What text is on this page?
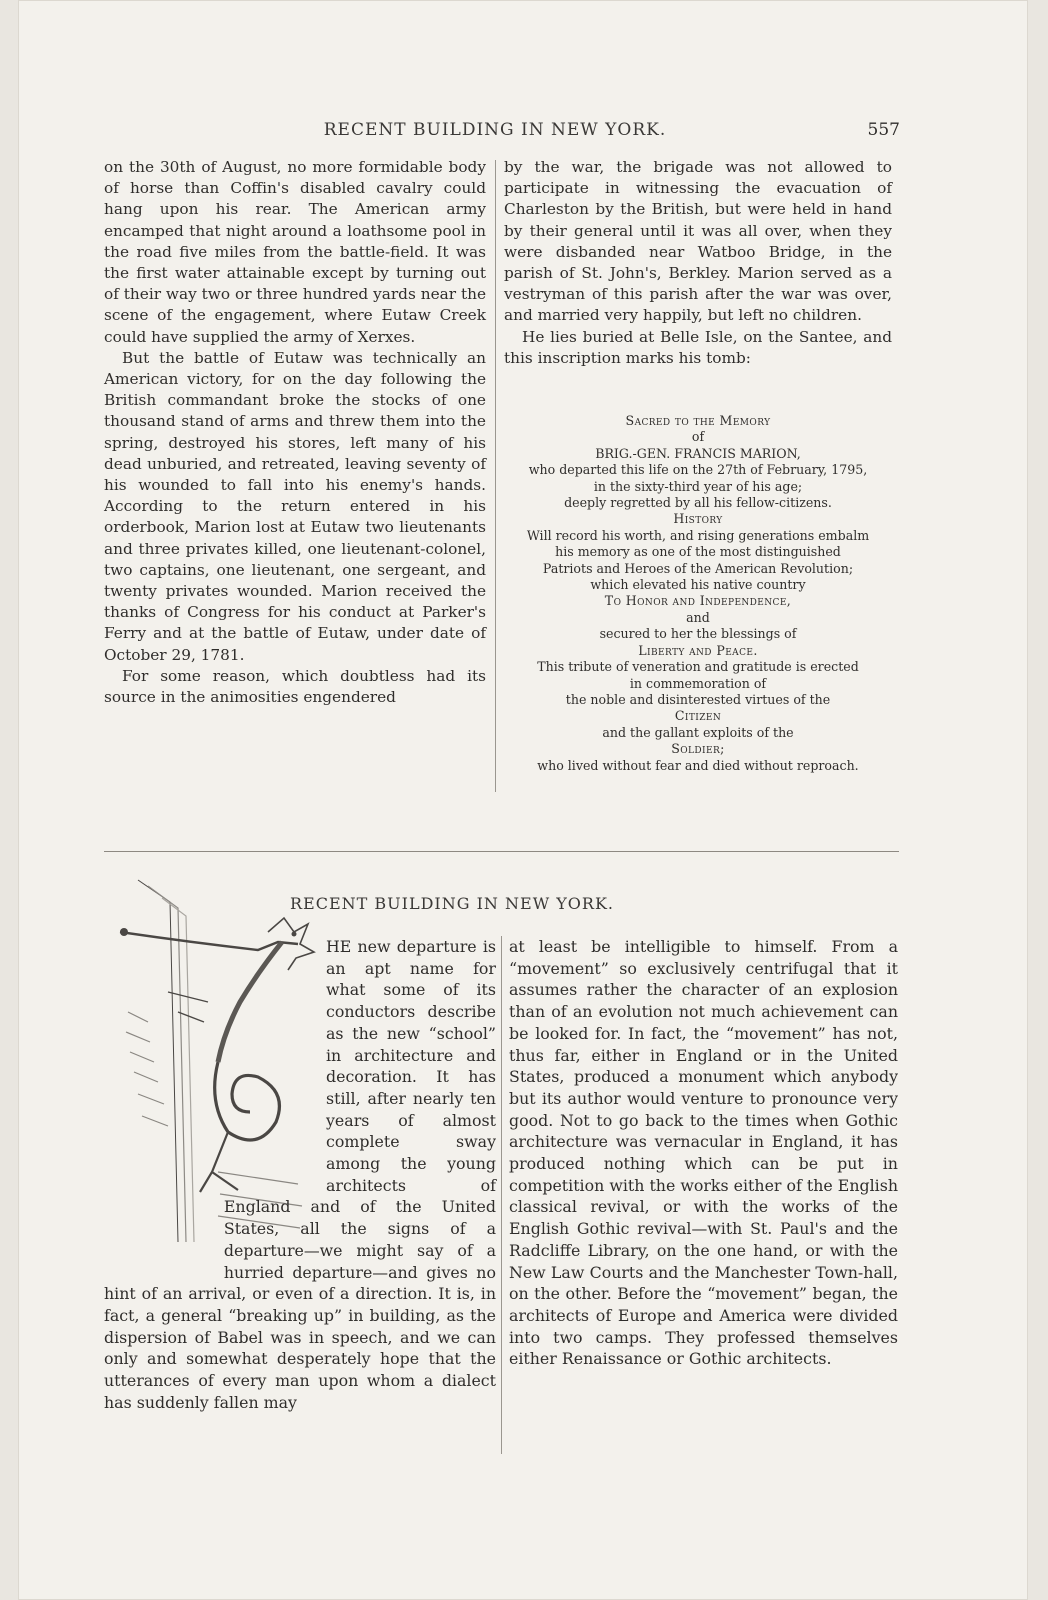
RECENT BUILDING IN NEW YORK.	557

on the 30th of August, no more formidable body of horse than Coffin's disabled cavalry could hang upon his rear. The American army encamped that night around a loathsome pool in the road five miles from the battle-field. It was the first water attainable except by turning out of their way two or three hundred yards near the scene of the engagement, where Eutaw Creek could have supplied the army of Xerxes.

But the battle of Eutaw was technically an American victory, for on the day following the British commandant broke the stocks of one thousand stand of arms and threw them into the spring, destroyed his stores, left many of his dead unburied, and retreated, leaving seventy of his wounded to fall into his enemy's hands. According to the return entered in his orderbook, Marion lost at Eutaw two lieutenants and three privates killed, one lieutenant-colonel, two captains, one lieutenant, one sergeant, and twenty privates wounded. Marion received the thanks of Congress for his conduct at Parker's Ferry and at the battle of Eutaw, under date of October 29, 1781.

For some reason, which doubtless had its source in the animosities engendered

by the war, the brigade was not allowed to participate in witnessing the evacuation of Charleston by the British, but were held in hand by their general until it was all over, when they were disbanded near Watboo Bridge, in the parish of St. John's, Berkley. Marion served as a vestryman of this parish after the war was over, and married very happily, but left no children.

He lies buried at Belle Isle, on the Santee, and this inscription marks his tomb:

Sacred to the Memory
of
BRIG.-GEN. FRANCIS MARION,
who departed this life on the 27th of February, 1795,
in the sixty-third year of his age;
deeply regretted by all his fellow-citizens.
History
Will record his worth, and rising generations embalm
his memory as one of the most distinguished
Patriots and Heroes of the American Revolution;
which elevated his native country
To Honor and Independence,
and
secured to her the blessings of
Liberty and Peace.
This tribute of veneration and gratitude is erected
in commemoration of
the noble and disinterested virtues of the
Citizen
and the gallant exploits of the
Soldier;
who lived without fear and died without reproach.
RECENT BUILDING IN NEW YORK.

HE new departure is an apt name for what some of its conductors describe as the new “school” in architecture and decoration. It has still, after nearly ten years of almost complete sway among the young architects of England and of the United States, all the signs of a departure—we might say of a hurried departure—and gives no hint of an arrival, or even of a direction. It is, in fact, a general “breaking up” in building, as the dispersion of Babel was in speech, and we can only and somewhat desperately hope that the utterances of every man upon whom a dialect has suddenly fallen may

at least be intelligible to himself. From a “movement” so exclusively centrifugal that it assumes rather the character of an explosion than of an evolution not much achievement can be looked for. In fact, the “movement” has not, thus far, either in England or in the United States, produced a monument which anybody but its author would venture to pronounce very good. Not to go back to the times when Gothic architecture was vernacular in England, it has produced nothing which can be put in competition with the works either of the English classical revival, or with the works of the English Gothic revival—with St. Paul's and the Radcliffe Library, on the one hand, or with the New Law Courts and the Manchester Town-hall, on the other. Before the “movement” began, the architects of Europe and America were divided into two camps. They professed themselves either Renaissance or Gothic architects.
